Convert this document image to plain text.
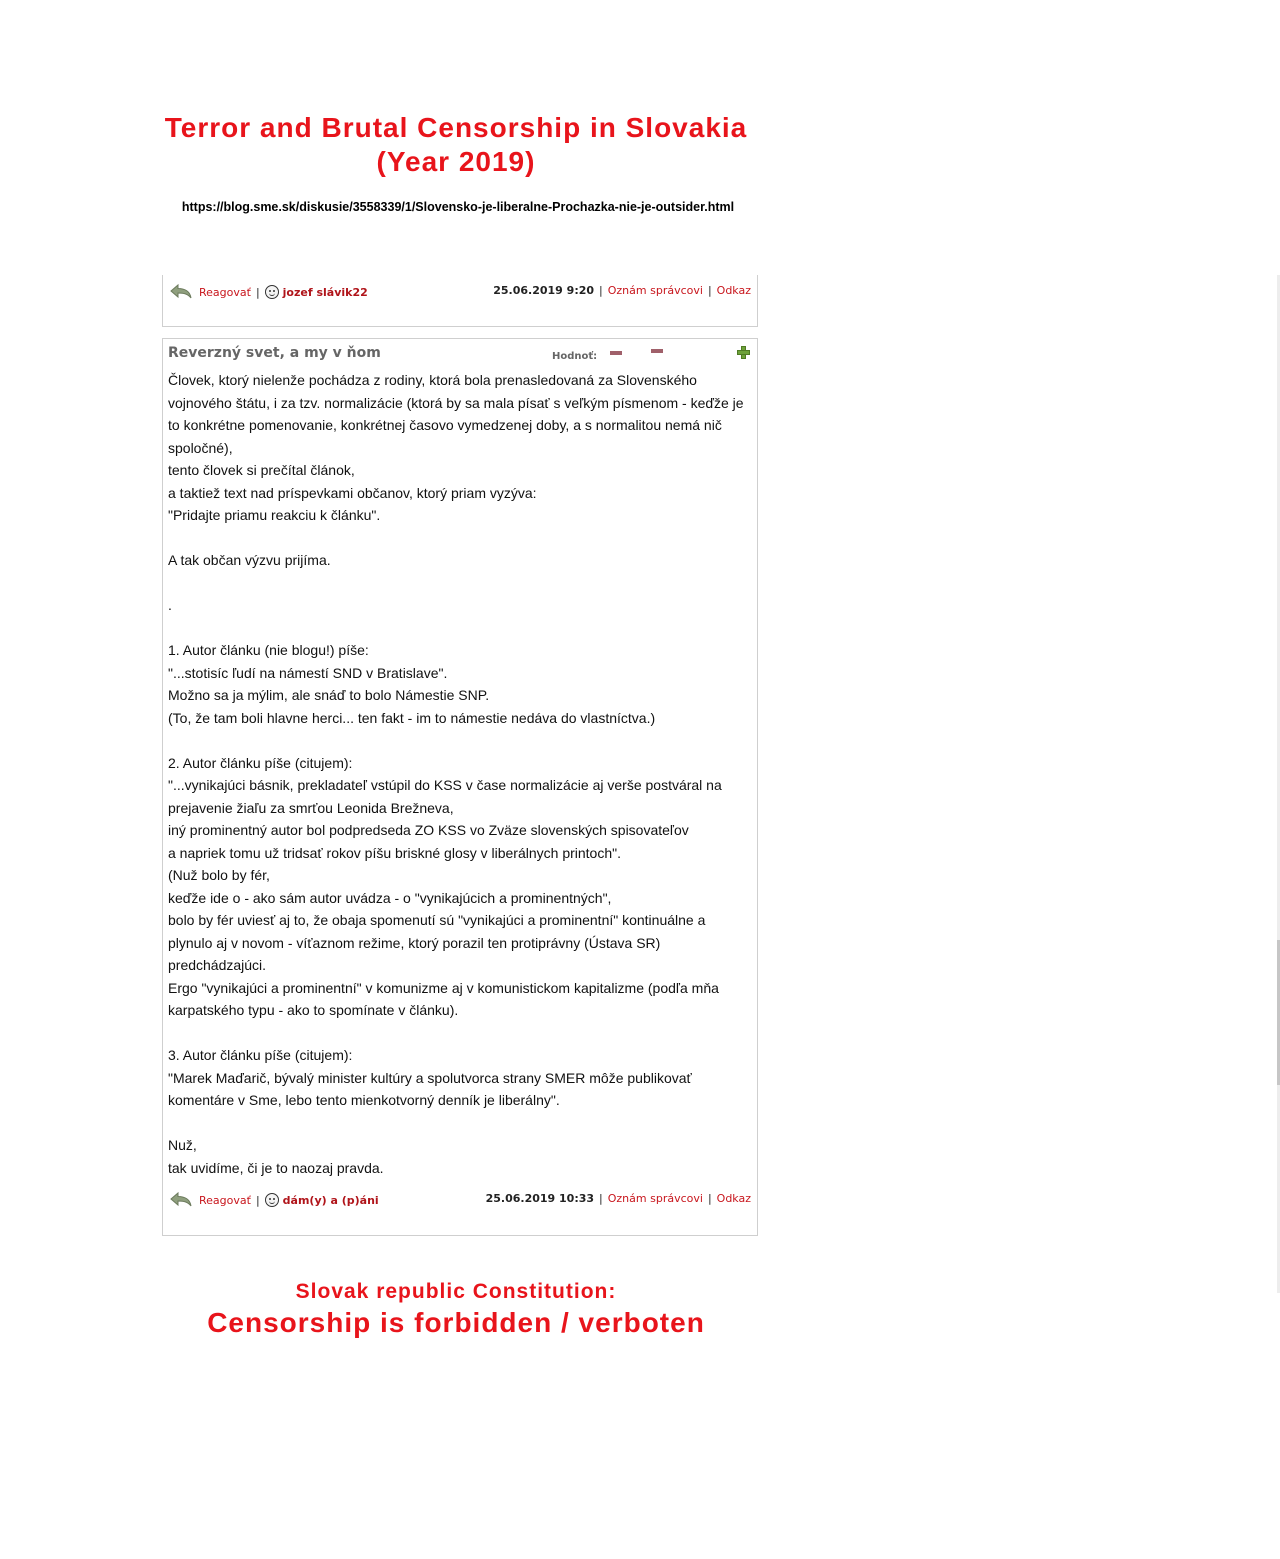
Terror and Brutal Censorship in Slovakia
(Year 2019)
https://blog.sme.sk/diskusie/3558339/1/Slovensko-je-liberalne-Prochazka-nie-je-outsider.html
Reagovať | jozef slávik22	25.06.2019 9:20 | Oznám správcovi | Odkaz
Reverzný svet, a my v ňom	Hodnoť:
Človek, ktorý nielenže pochádza z rodiny, ktorá bola prenasledovaná za Slovenského
vojnového štátu, i za tzv. normalizácie (ktorá by sa mala písať s veľkým písmenom - keďže je
to konkrétne pomenovanie, konkrétnej časovo vymedzenej doby, a s normalitou nemá nič
spoločné),
tento človek si prečítal článok,
a taktiež text nad príspevkami občanov, ktorý priam vyzýva:
"Pridajte priamu reakciu k článku".
A tak občan výzvu prijíma.
.
1. Autor článku (nie blogu!) píše:
"...stotisíc ľudí na námestí SND v Bratislave".
Možno sa ja mýlim, ale snáď to bolo Námestie SNP.
(To, že tam boli hlavne herci... ten fakt - im to námestie nedáva do vlastníctva.)
2. Autor článku píše (citujem):
"...vynikajúci básnik, prekladateľ vstúpil do KSS v čase normalizácie aj verše postváral na
prejavenie žiaľu za smrťou Leonida Brežneva,
iný prominentný autor bol podpredseda ZO KSS vo Zväze slovenských spisovateľov
a napriek tomu už tridsať rokov píšu briskné glosy v liberálnych printoch".
(Nuž bolo by fér,
keďže ide o - ako sám autor uvádza - o "vynikajúcich a prominentných",
bolo by fér uviesť aj to, že obaja spomenutí sú "vynikajúci a prominentní" kontinuálne a
plynulo aj v novom - víťaznom režime, ktorý porazil ten protiprávny (Ústava SR)
predchádzajúci.
Ergo "vynikajúci a prominentní" v komunizme aj v komunistickom kapitalizme (podľa mňa
karpatského typu - ako to spomínate v článku).
3. Autor článku píše (citujem):
"Marek Maďarič, bývalý minister kultúry a spolutvorca strany SMER môže publikovať
komentáre v Sme, lebo tento mienkotvorný denník je liberálny".
Nuž,
tak uvidíme, či je to naozaj pravda.
Reagovať | dám(y) a (p)áni	25.06.2019 10:33 | Oznám správcovi | Odkaz
Slovak republic Constitution:
Censorship is forbidden / verboten
